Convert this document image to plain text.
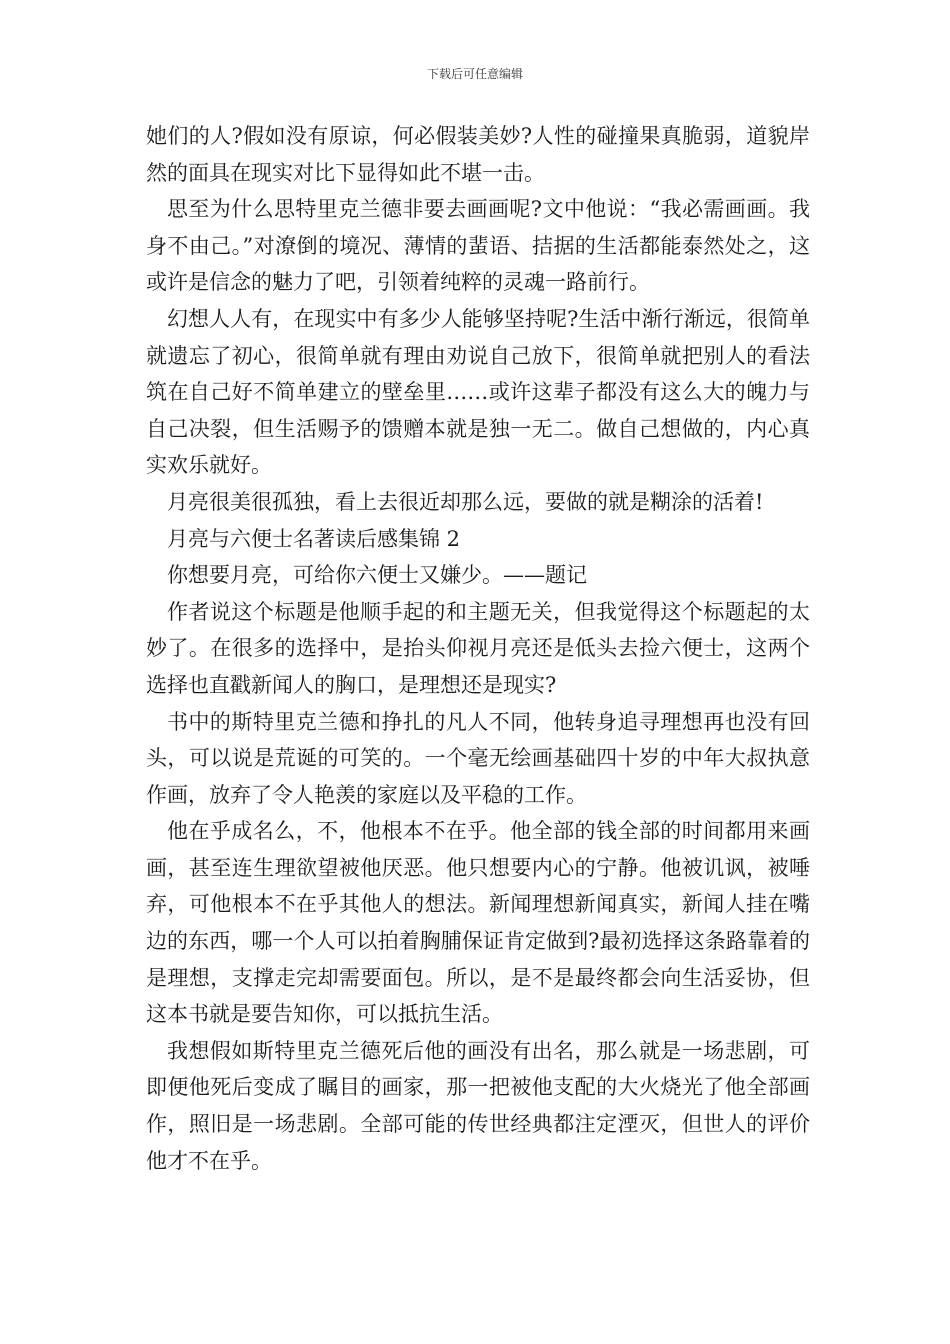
下载后可任意编辑

她们的人?假如没有原谅，何必假装美妙?人性的碰撞果真脆弱，道貌岸然的面具在现实对比下显得如此不堪一击。

思至为什么思特里克兰德非要去画画呢?文中他说：“我必需画画。我身不由己。”对潦倒的境况、薄情的蜚语、拮据的生活都能泰然处之，这或许是信念的魅力了吧，引领着纯粹的灵魂一路前行。

幻想人人有，在现实中有多少人能够坚持呢?生活中渐行渐远，很简单就遗忘了初心，很简单就有理由劝说自己放下，很简单就把别人的看法筑在自己好不简单建立的壁垒里……或许这辈子都没有这么大的魄力与自己决裂，但生活赐予的馈赠本就是独一无二。做自己想做的，内心真实欢乐就好。

月亮很美很孤独，看上去很近却那么远，要做的就是糊涂的活着!

月亮与六便士名著读后感集锦 2

你想要月亮，可给你六便士又嫌少。——题记

作者说这个标题是他顺手起的和主题无关，但我觉得这个标题起的太妙了。在很多的选择中，是抬头仰视月亮还是低头去捡六便士，这两个选择也直戳新闻人的胸口，是理想还是现实?

书中的斯特里克兰德和挣扎的凡人不同，他转身追寻理想再也没有回头，可以说是荒诞的可笑的。一个毫无绘画基础四十岁的中年大叔执意作画，放弃了令人艳羡的家庭以及平稳的工作。

他在乎成名么，不，他根本不在乎。他全部的钱全部的时间都用来画画，甚至连生理欲望被他厌恶。他只想要内心的宁静。他被讥讽，被唾弃，可他根本不在乎其他人的想法。新闻理想新闻真实，新闻人挂在嘴边的东西，哪一个人可以拍着胸脯保证肯定做到?最初选择这条路靠着的是理想，支撑走完却需要面包。所以，是不是最终都会向生活妥协，但这本书就是要告知你，可以抵抗生活。

我想假如斯特里克兰德死后他的画没有出名，那么就是一场悲剧，可即便他死后变成了瞩目的画家，那一把被他支配的大火烧光了他全部画作，照旧是一场悲剧。全部可能的传世经典都注定湮灭，但世人的评价他才不在乎。
